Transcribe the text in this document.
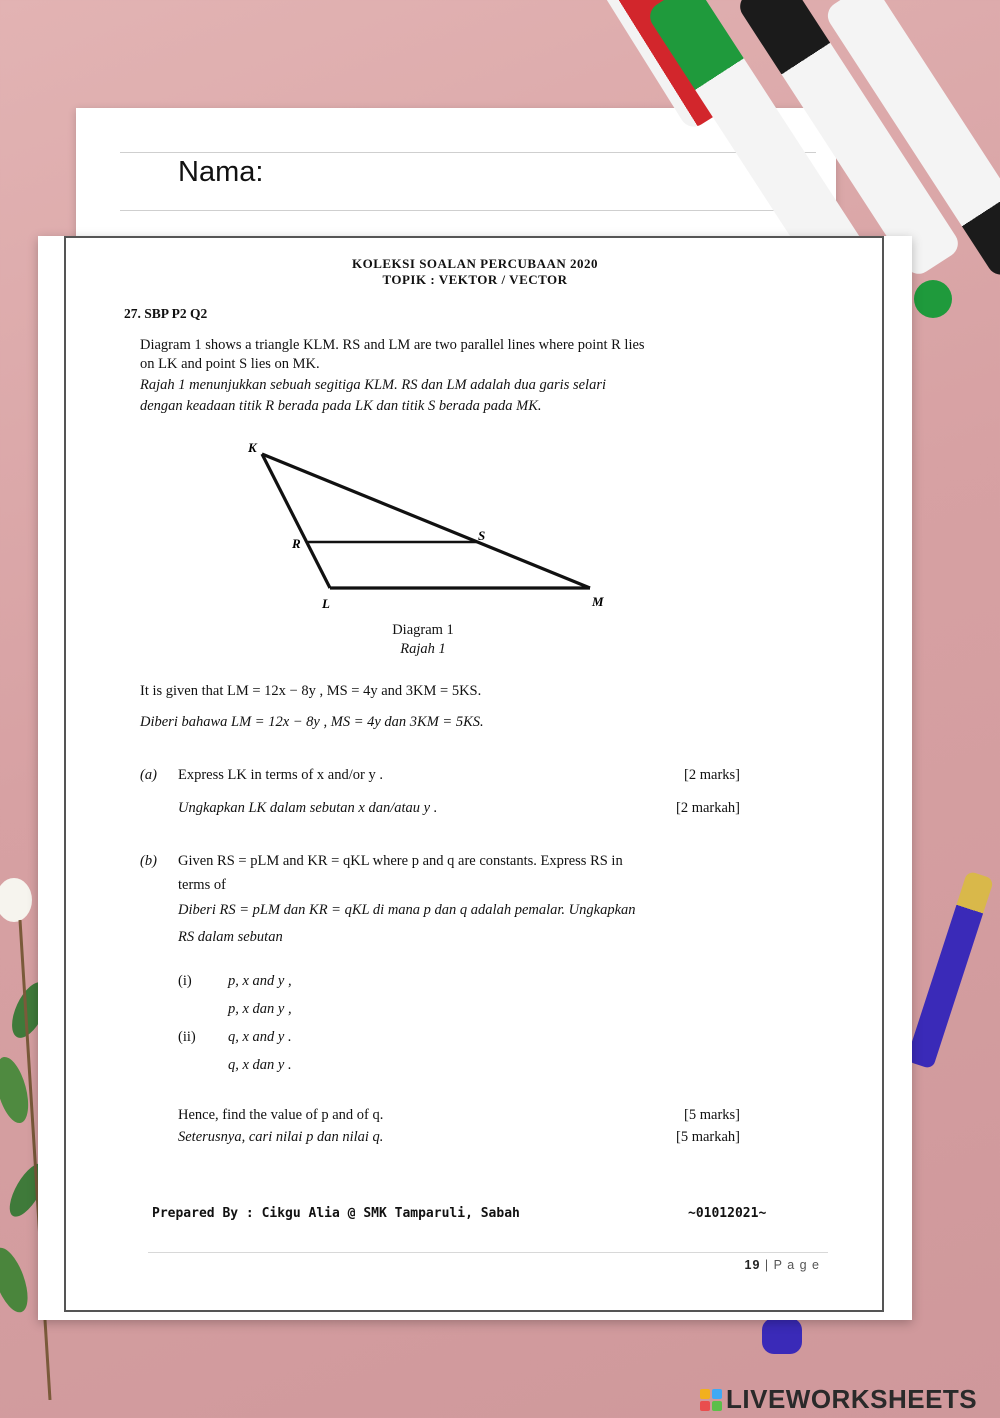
Nama:
KOLEKSI SOALAN PERCUBAAN 2020
TOPIK : VEKTOR / VECTOR
27. SBP P2 Q2
Diagram 1 shows a triangle KLM. RS and LM are two parallel lines where point R lies
on LK and point S lies on MK.
Rajah 1 menunjukkan sebuah segitiga KLM. RS dan LM adalah dua garis selari
dengan keadaan titik R berada pada LK dan titik S berada pada MK.
K
R
S
L	M
Diagram 1
Rajah 1
It is given that LM = 12x − 8y , MS = 4y and 3KM = 5KS.
Diberi bahawa LM = 12x − 8y , MS = 4y dan 3KM = 5KS.
(a) Express LK in terms of x and/or y .	[2 marks]
Ungkapkan LK dalam sebutan x dan/atau y .	[2 markah]
(b) Given RS = pLM and KR = qKL where p and q are constants. Express RS in
terms of
Diberi RS = pLM dan KR = qKL di mana p dan q adalah pemalar. Ungkapkan
RS dalam sebutan
(i)	p, x and y ,
p, x dan y ,
(ii) q, x and y .
q, x dan y .
Hence, find the value of p and of q.	[5 marks]
Seterusnya, cari nilai p dan nilai q.	[5 markah]
Prepared By : Cikgu Alia @ SMK Tamparuli, Sabah	~01012021~
19 | P a g e
LIVEWORKSHEETS
